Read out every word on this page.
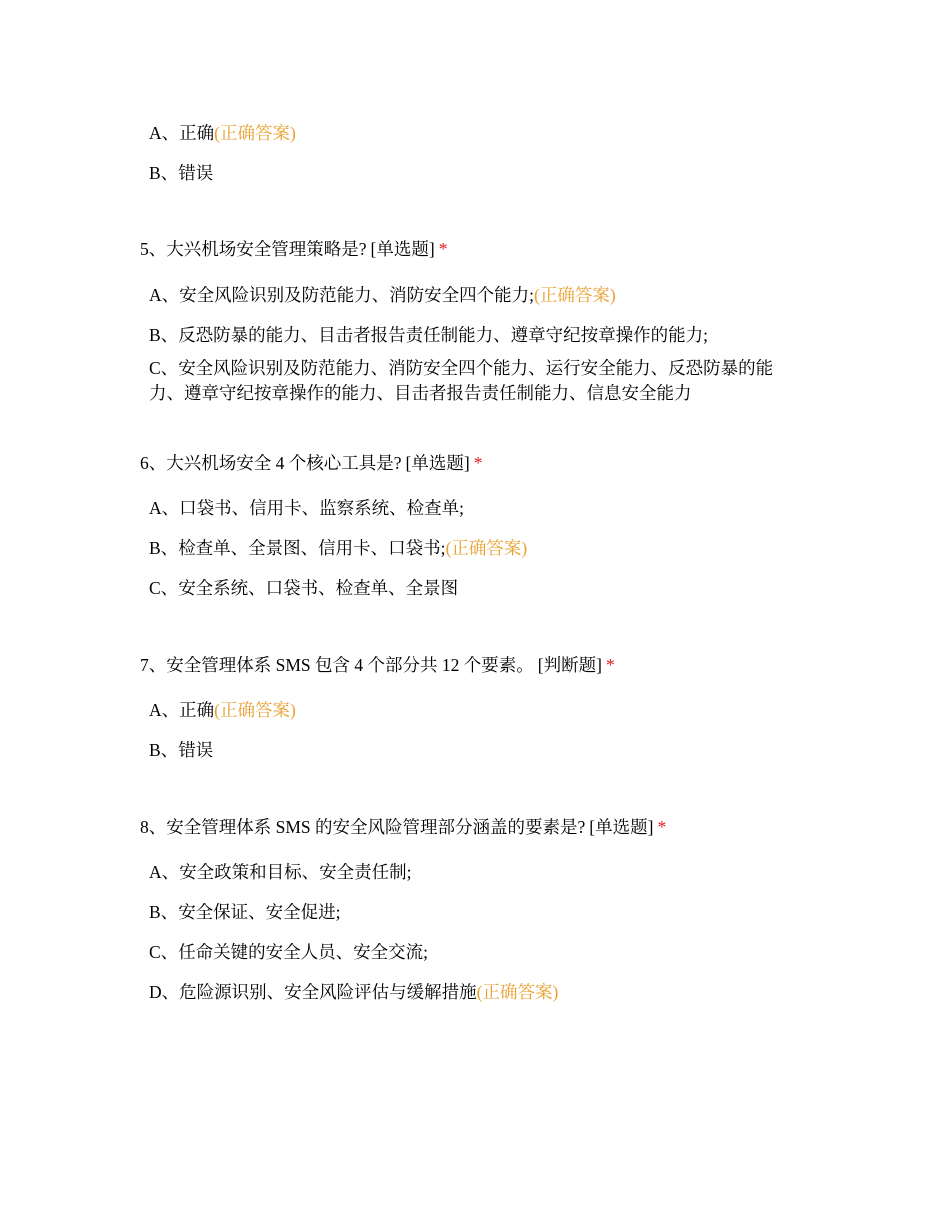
A、正确(正确答案)
B、错误
5、大兴机场安全管理策略是? [单选题] *
A、安全风险识别及防范能力、消防安全四个能力;(正确答案)
B、反恐防暴的能力、目击者报告责任制能力、遵章守纪按章操作的能力;
C、安全风险识别及防范能力、消防安全四个能力、运行安全能力、反恐防暴的能力、遵章守纪按章操作的能力、目击者报告责任制能力、信息安全能力
6、大兴机场安全 4 个核心工具是? [单选题] *
A、口袋书、信用卡、监察系统、检查单;
B、检查单、全景图、信用卡、口袋书;(正确答案)
C、安全系统、口袋书、检查单、全景图
7、安全管理体系 SMS 包含 4 个部分共 12 个要素。 [判断题] *
A、正确(正确答案)
B、错误
8、安全管理体系 SMS 的安全风险管理部分涵盖的要素是? [单选题] *
A、安全政策和目标、安全责任制;
B、安全保证、安全促进;
C、任命关键的安全人员、安全交流;
D、危险源识别、安全风险评估与缓解措施(正确答案)
